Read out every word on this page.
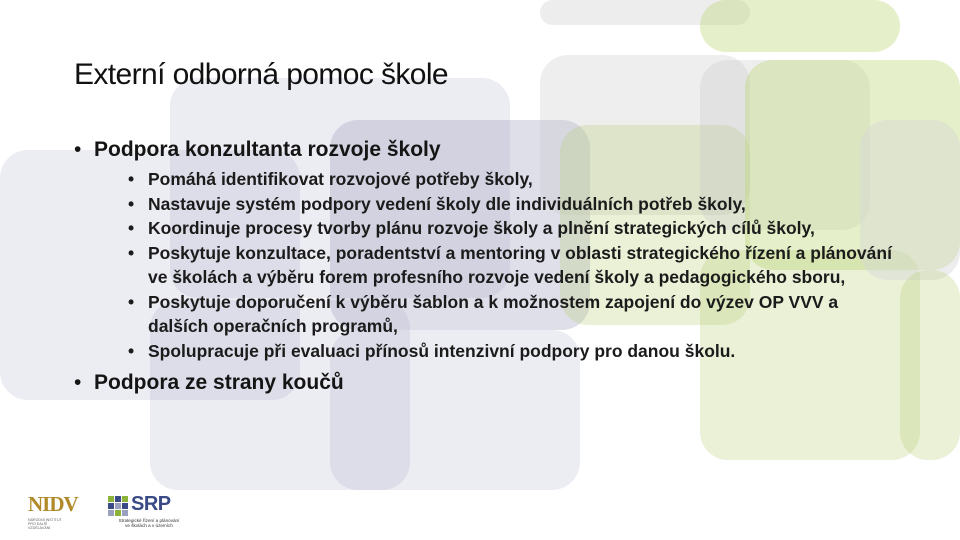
Externí odborná pomoc škole
• Podpora konzultanta rozvoje školy
• Pomáhá identifikovat rozvojové potřeby školy,
• Nastavuje systém podpory vedení školy dle individuálních potřeb školy,
• Koordinuje procesy tvorby plánu rozvoje školy a plnění strategických cílů školy,
• Poskytuje konzultace, poradentství a mentoring v oblasti strategického řízení a plánování ve školách a výběru forem profesního rozvoje vedení školy a pedagogického sboru,
• Poskytuje doporučení k výběru šablon a k možnostem zapojení do výzev OP VVV a dalších operačních programů,
• Spolupracuje při evaluaci přínosů intenzivní podpory pro danou školu.
• Podpora ze strany koučů
NIDV
NÁRODNÍ INSTITUT
PRO DALŠÍ
VZDĚLÁVÁNÍ
SRP
Strategické řízení a plánování
ve školách a v územích
